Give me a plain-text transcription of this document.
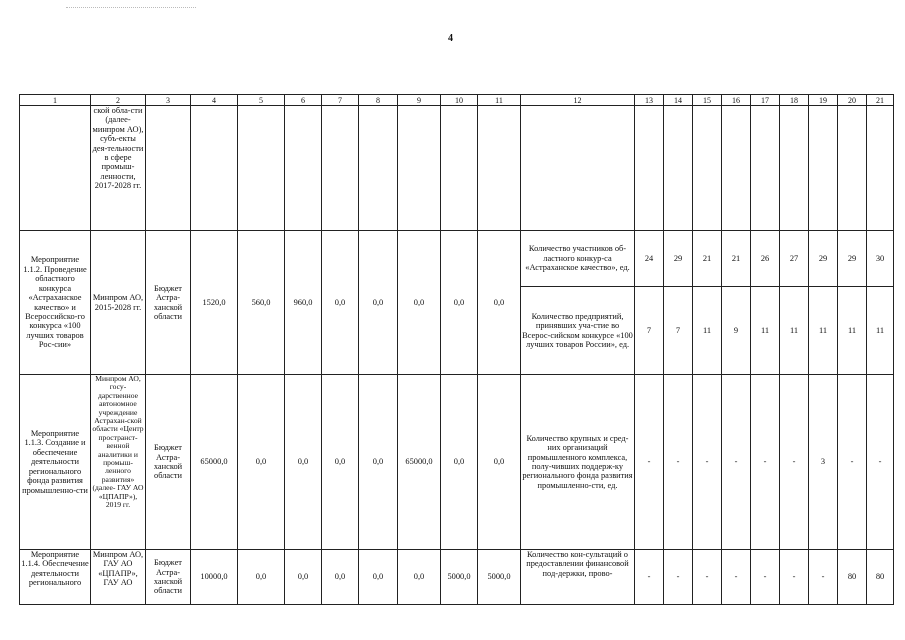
4
1	2	3	4	5	6	7	8	9	10	11	12	13	14	15	16	17	18	19	20	21
	ской обла-сти (далее-минпром АО), субъ-екты дея-тельности в сфере промыш-ленности, 2017-2028 гг.																			
Мероприятие 1.1.2. Проведение областного конкурса «Астраханское качество» и Всероссийско-го конкурса «100 лучших товаров Рос-сии»	Минпром АО, 2015-2028 гг.	Бюджет Астра-ханской области	1520,0	560,0	960,0	0,0	0,0	0,0	0,0	0,0	Количество участников об-ластного конкур-са «Астраханское качество», ед.	24	29	21	21	26	27	29	29	30
											Количество предприятий, принявших уча-стие во Всерос-сийском конкурсе «100 лучших товаров России», ед.	7	7	11	9	11	11	11	11	11
Мероприятие 1.1.3. Создание и обеспечение деятельности регионального фонда развития промышленно-сти	Минпром АО, госу-дарственное автономное учреждение Астрахан-ской области «Центр пространст-венной аналитики и промыш-ленного развития» (далее- ГАУ АО «ЦПАПР»), 2019 гг.	Бюджет Астра-ханской области	65000,0	0,0	0,0	0,0	0,0	65000,0	0,0	0,0	Количество крупных и сред-них организаций промышленного комплекса, полу-чивших поддерж-ку регионального фонда развития промышленно-сти, ед.	-	-	-	-	-	-	3	-	-
Мероприятие 1.1.4. Обеспечение деятельности регионального	Минпром АО, ГАУ АО «ЦПАПР», ГАУ АО	Бюджет Астра-ханской области	10000,0	0,0	0,0	0,0	0,0	0,0	5000,0	5000,0	Количество кон-сультаций о предоставлении финансовой под-держки, прово-	-	-	-	-	-	-	-	80	80
